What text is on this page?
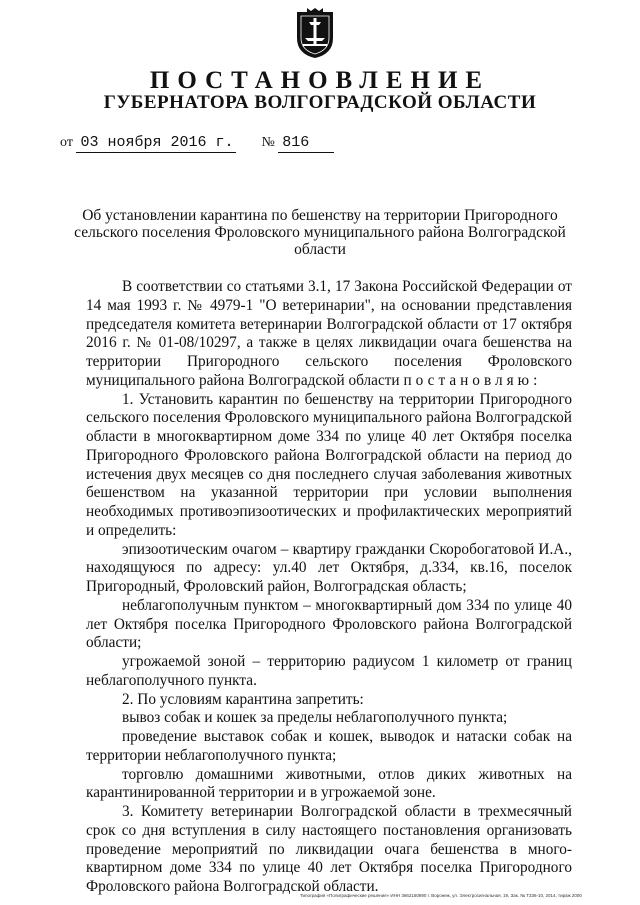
ПОСТАНОВЛЕНИЕ
ГУБЕРНАТОРА ВОЛГОГРАДСКОЙ ОБЛАСТИ
от 03 ноября 2016 г. № 816
Об установлении карантина по бешенству на территории Пригородного сельского поселения Фроловского муниципального района Волгоградской области

В соответствии со статьями 3.1, 17 Закона Российской Федерации от 14 мая 1993 г. № 4979-1 "О ветеринарии", на основании представления председателя комитета ветеринарии Волгоградской области от 17 октября 2016 г. № 01-08/10297, а также в целях ликвидации очага бешенства на территории Пригородного сельского поселения Фроловского муниципального района Волгоградской области постановляю:

1. Установить карантин по бешенству на территории Пригородного сельского поселения Фроловского муниципального района Волгоградской области в многоквартирном доме 334 по улице 40 лет Октября поселка Пригородного Фроловского района Волгоградской области на период до истечения двух месяцев со дня последнего случая заболевания животных бешенством на указанной территории при условии выполнения необходимых противоэпизоотических и профилактических мероприятий и определить:

эпизоотическим очагом – квартиру гражданки Скоробогатовой И.А., находящуюся по адресу: ул.40 лет Октября, д.334, кв.16, поселок Пригородный, Фроловский район, Волгоградская область;

неблагополучным пунктом – многоквартирный дом 334 по улице 40 лет Октября поселка Пригородного Фроловского района Волгоградской области;

угрожаемой зоной – территорию радиусом 1 километр от границ неблагополучного пункта.

2. По условиям карантина запретить:

вывоз собак и кошек за пределы неблагополучного пункта;

проведение выставок собак и кошек, выводок и натаски собак на территории неблагополучного пункта;

торговлю домашними животными, отлов диких животных на карантинированной территории и в угрожаемой зоне.

3. Комитету ветеринарии Волгоградской области в трехмесячный срок со дня вступления в силу настоящего постановления организовать проведение мероприятий по ликвидации очага бешенства в много-квартирном доме 334 по улице 40 лет Октября поселка Пригородного Фроловского района Волгоградской области.

Типография «Полиграфические решения» ИНН 3662160890 г. Воронеж, ул. Электросигнальная, 19, Зак. № Т336-10, 2014, тираж 2000
